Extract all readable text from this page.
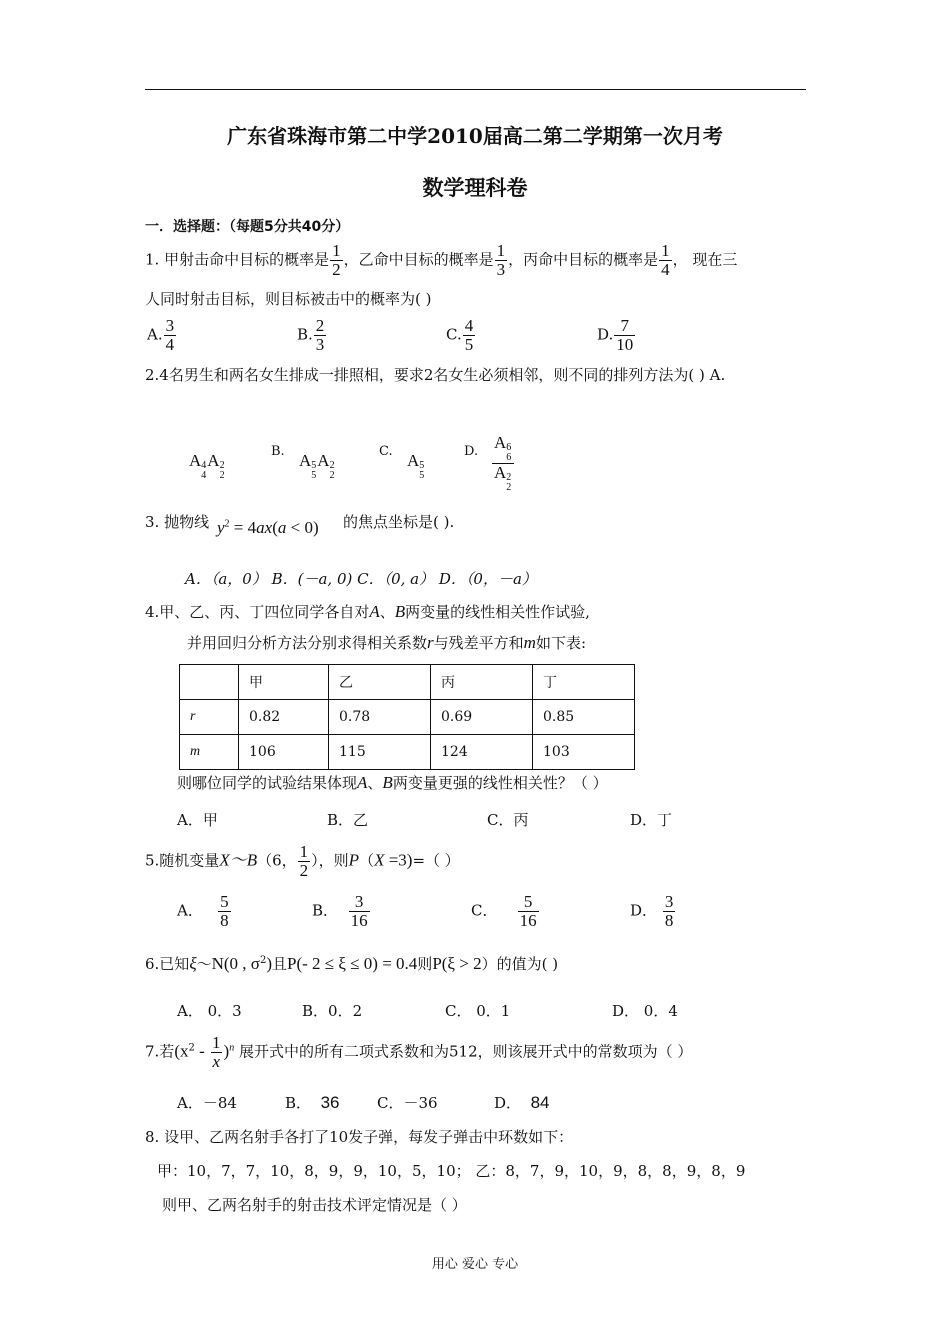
广东省珠海市第二中学2010届高二第二学期第一次月考
数学理科卷
一．选择题：（每题5分共40分）
1. 甲射击命中目标的概率是 $\frac{1}{2}$ ，乙命中目标的概率是 $\frac{1}{3}$ ，丙命中目标的概率是 $\frac{1}{4}$ ， 现在三
人同时射击目标，则目标被击中的概率为( )
A. $\frac{3}{4}$	B. $\frac{2}{3}$	C. $\frac{4}{5}$	D. $\frac{7}{10}$
2.4名男生和两名女生排成一排照相，要求2名女生必须相邻，则不同的排列方法为( ) A.
A 4
4
A 2
2
B. A 5
5
A 2
2
C. A 5
5
D. A 6
6
A 2
2
3. 抛物线 $y^2 = 4ax(a < 0)$ 的焦点坐标是( ).
A．（a，0） B．(－a, 0) C．（0, a） D．（0，－a）
4.甲、乙、丙、丁四位同学各自对A、B两变量的线性相关性作试验,
并用回归分析方法分别求得相关系数r与残差平方和m如下表:
	甲	乙	丙	丁
r	0.82	0.78	0.69	0.85
m	106	115	124	103
则哪位同学的试验结果体现A、B两变量更强的线性相关性？（ ）
A．甲	B．乙	C．丙	D．丁
5.随机变量X～B（6， $\frac{1}{2}$ ），则P（X =3)=（ ）
A． $\frac{5}{8}$	B． $\frac{3}{16}$	C． $\frac{5}{16}$	D． $\frac{3}{8}$
6.已知ξ～N(0 , $\sigma^2$)且P(- 2 ≤ ξ ≤ 0) = 0.4则P(ξ > 2）的值为( )
A． 0．3	B．0．2	C． 0．1	D． 0．4
7.若$(x^2 - \frac{1}{x} )^n$ 展开式中的所有二项式系数和为512，则该展开式中的常数项为（ ）
A．－84	B． 36	C．－36	D． 84
8. 设甲、乙两名射手各打了10发子弹，每发子弹击中环数如下：
甲：10，7，7，10，8，9，9，10，5，10； 乙：8，7，9，10，9，8，8，9，8，9
则甲、乙两名射手的射击技术评定情况是（ ）
用心 爱心 专心
